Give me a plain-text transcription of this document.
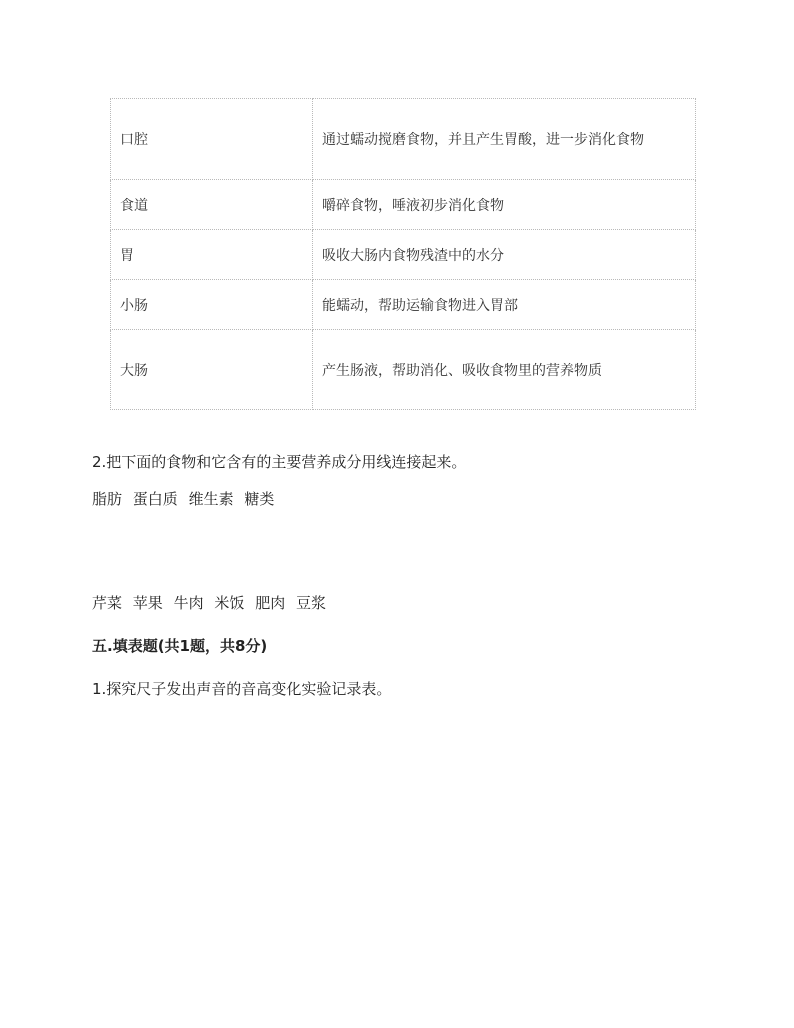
口腔	通过蠕动搅磨食物，并且产生胃酸，进一步消化食物
食道	嚼碎食物，唾液初步消化食物
胃	吸收大肠内食物残渣中的水分
小肠	能蠕动，帮助运输食物进入胃部
大肠	产生肠液，帮助消化、吸收食物里的营养物质
2.把下面的食物和它含有的主要营养成分用线连接起来。
脂肪 蛋白质 维生素 糖类
芹菜 苹果 牛肉 米饭 肥肉 豆浆
五.填表题(共1题，共8分)
1.探究尺子发出声音的音高变化实验记录表。
